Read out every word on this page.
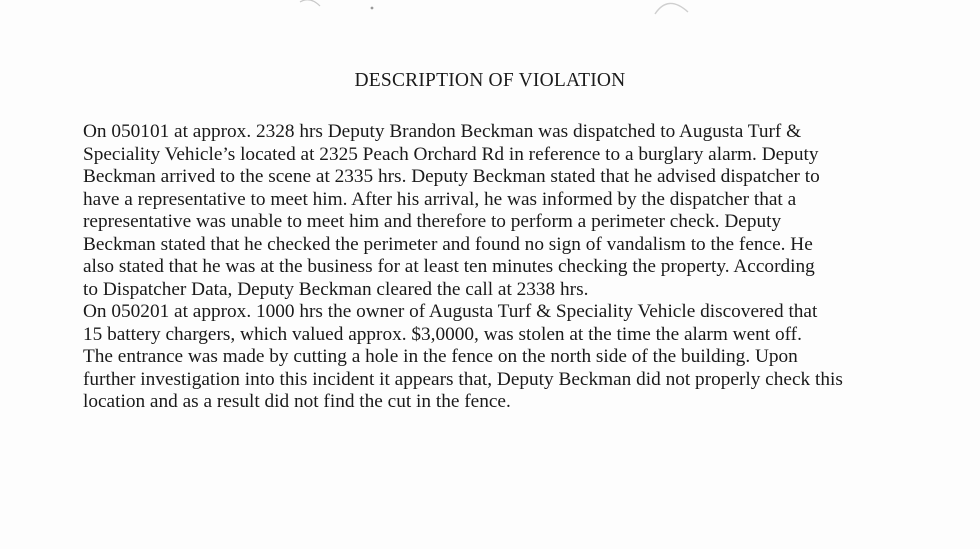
DESCRIPTION OF VIOLATION

On 050101 at approx. 2328 hrs Deputy Brandon Beckman was dispatched to Augusta Turf &
Speciality Vehicle’s located at 2325 Peach Orchard Rd in reference to a burglary alarm. Deputy
Beckman arrived to the scene at 2335 hrs. Deputy Beckman stated that he advised dispatcher to
have a representative to meet him. After his arrival, he was informed by the dispatcher that a
representative was unable to meet him and therefore to perform a perimeter check. Deputy
Beckman stated that he checked the perimeter and found no sign of vandalism to the fence. He
also stated that he was at the business for at least ten minutes checking the property. According
to Dispatcher Data, Deputy Beckman cleared the call at 2338 hrs.
On 050201 at approx. 1000 hrs the owner of Augusta Turf & Speciality Vehicle discovered that
15 battery chargers, which valued approx. $3,0000, was stolen at the time the alarm went off.
The entrance was made by cutting a hole in the fence on the north side of the building. Upon
further investigation into this incident it appears that, Deputy Beckman did not properly check this
location and as a result did not find the cut in the fence.
